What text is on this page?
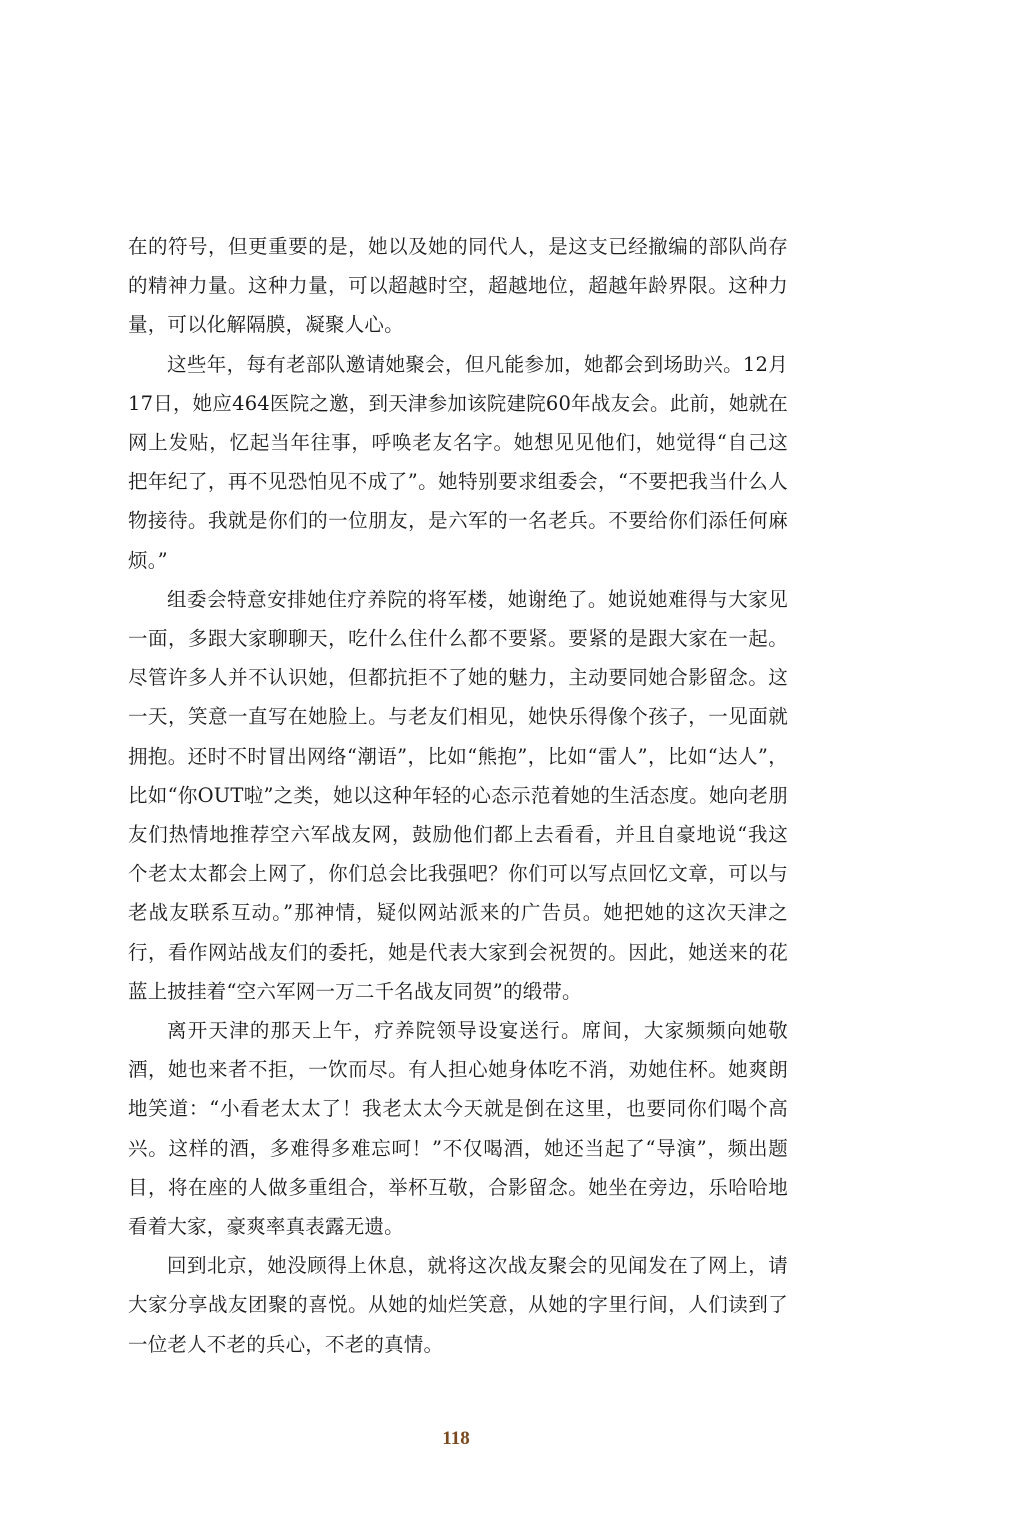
在的符号，但更重要的是，她以及她的同代人，是这支已经撤编的部队尚存的精神力量。这种力量，可以超越时空，超越地位，超越年龄界限。这种力量，可以化解隔膜，凝聚人心。

这些年，每有老部队邀请她聚会，但凡能参加，她都会到场助兴。12月17日，她应464医院之邀，到天津参加该院建院60年战友会。此前，她就在网上发贴，忆起当年往事，呼唤老友名字。她想见见他们，她觉得“自己这把年纪了，再不见恐怕见不成了”。她特别要求组委会，“不要把我当什么人物接待。我就是你们的一位朋友，是六军的一名老兵。不要给你们添任何麻烦。”

组委会特意安排她住疗养院的将军楼，她谢绝了。她说她难得与大家见一面，多跟大家聊聊天，吃什么住什么都不要紧。要紧的是跟大家在一起。尽管许多人并不认识她，但都抗拒不了她的魅力，主动要同她合影留念。这一天，笑意一直写在她脸上。与老友们相见，她快乐得像个孩子，一见面就拥抱。还时不时冒出网络“潮语”，比如“熊抱”，比如“雷人”，比如“达人”，比如“你OUT啦”之类，她以这种年轻的心态示范着她的生活态度。她向老朋友们热情地推荐空六军战友网，鼓励他们都上去看看，并且自豪地说“我这个老太太都会上网了，你们总会比我强吧？你们可以写点回忆文章，可以与老战友联系互动。”那神情，疑似网站派来的广告员。她把她的这次天津之行，看作网站战友们的委托，她是代表大家到会祝贺的。因此，她送来的花蓝上披挂着“空六军网一万二千名战友同贺”的缎带。

离开天津的那天上午，疗养院领导设宴送行。席间，大家频频向她敬酒，她也来者不拒，一饮而尽。有人担心她身体吃不消，劝她住杯。她爽朗地笑道：“小看老太太了！我老太太今天就是倒在这里，也要同你们喝个高兴。这样的酒，多难得多难忘呵！”不仅喝酒，她还当起了“导演”，频出题目，将在座的人做多重组合，举杯互敬，合影留念。她坐在旁边，乐哈哈地看着大家，豪爽率真表露无遗。

回到北京，她没顾得上休息，就将这次战友聚会的见闻发在了网上，请大家分享战友团聚的喜悦。从她的灿烂笑意，从她的字里行间，人们读到了一位老人不老的兵心，不老的真情。

118
